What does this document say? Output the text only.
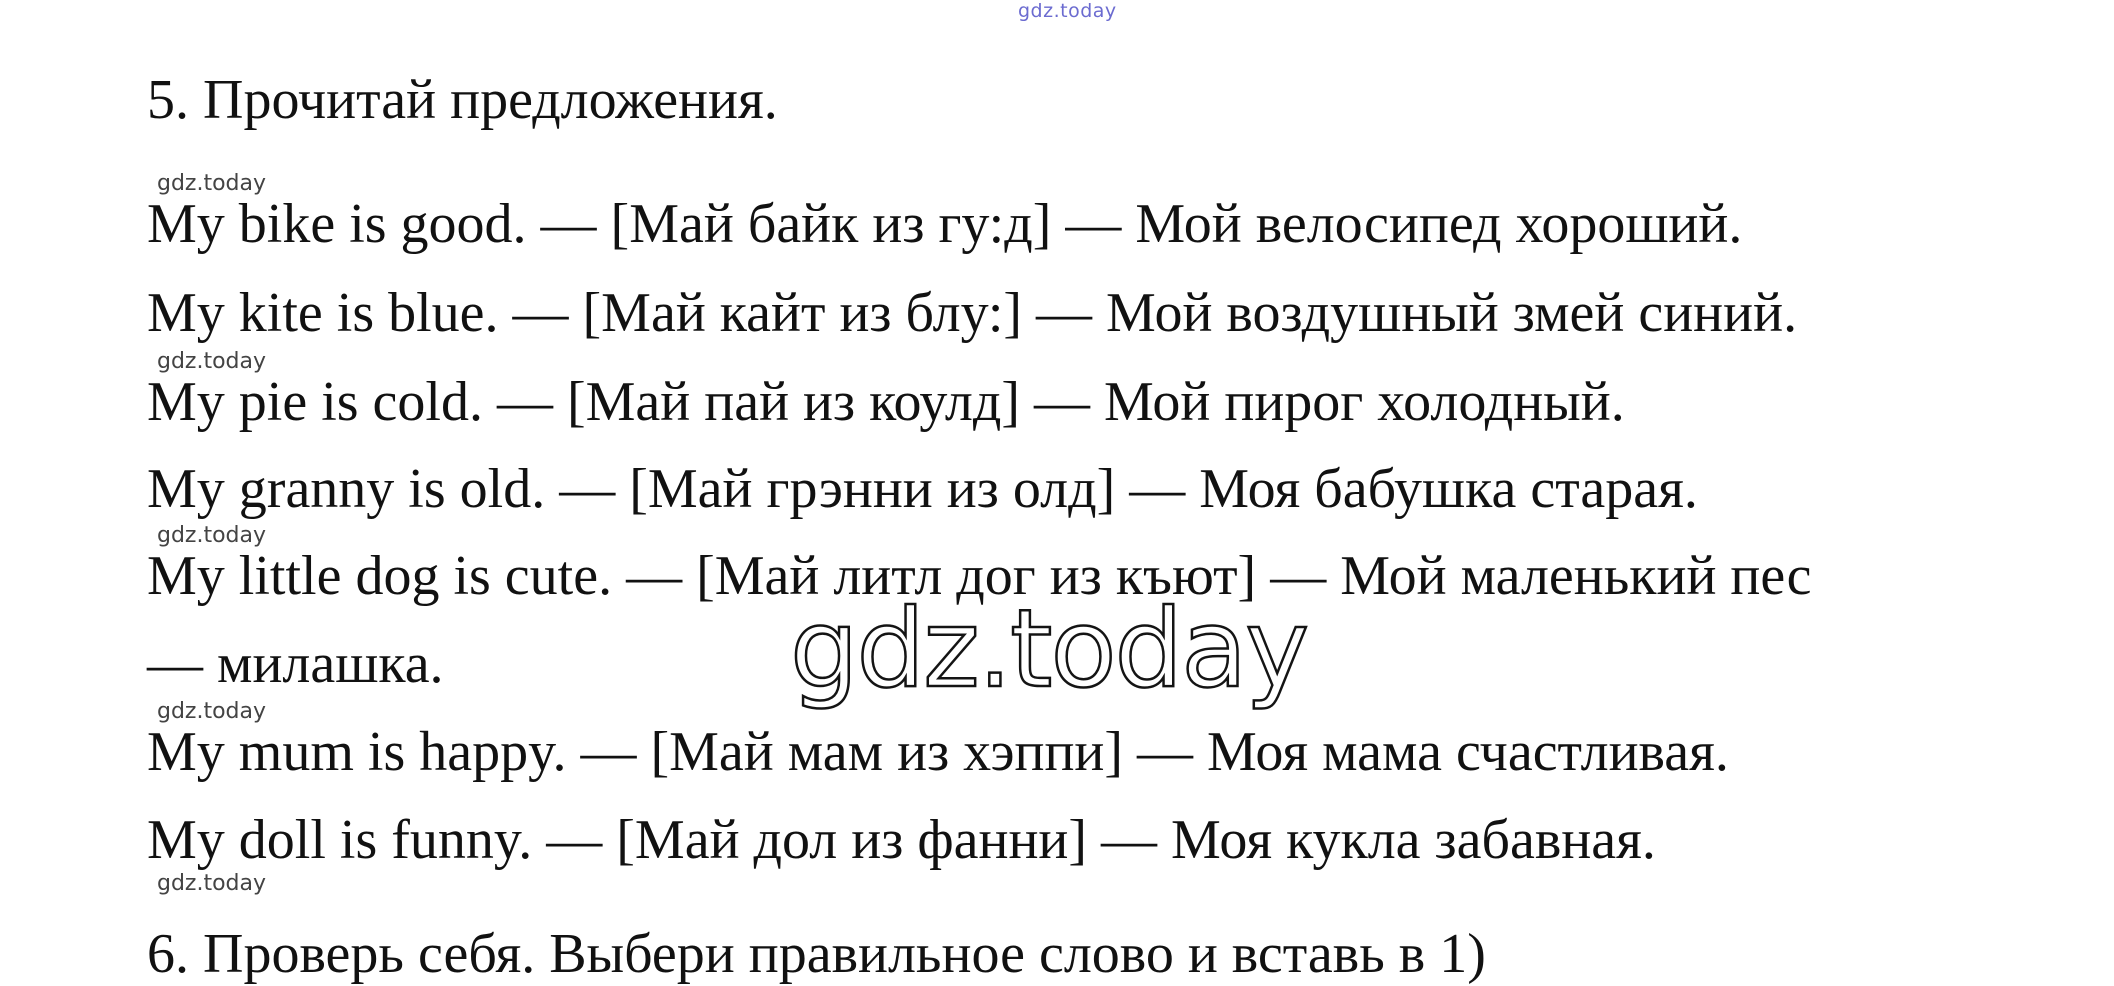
gdz.today
5. Прочитай предложения.
gdz.today
My bike is good. — [Май байк из гу:д] — Мой велосипед хороший.
My kite is blue. — [Май кайт из блу:] — Мой воздушный змей синий.
gdz.today
My pie is cold. — [Май пай из коулд] — Мой пирог холодный.
My granny is old. — [Май грэнни из олд] — Моя бабушка старая.
gdz.today
My little dog is cute. — [Май литл дог из къют] — Мой маленький пес
— милашка.	gdz.today
gdz.today
My mum is happy. — [Май мам из хэппи] — Моя мама счастливая.
My doll is funny. — [Май дол из фанни] — Моя кукла забавная.
gdz.today
6. Проверь себя. Выбери правильное слово и вставь в 1)
